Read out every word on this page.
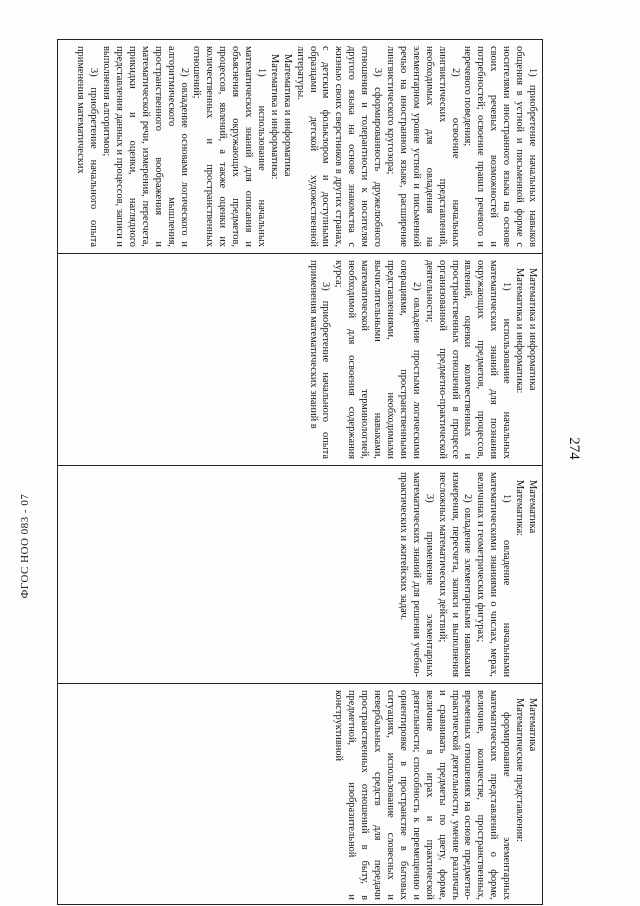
274

1) приобретение начальных навыков общения в устной и письменной форме с носителями иностранного языка на основе своих речевых возможностей и потребностей; освоение правил речевого и неречевого поведения;

2) освоение начальных лингвистических представлений, необходимых для овладения на элементарном уровне устной и письменной речью на иностранном языке, расширение лингвистического кругозора;

3) сформированность дружелюбного отношения и толерантности к носителям другого языка на основе знакомства с жизнью своих сверстников в других странах, с детским фольклором и доступными образцами детской художественной литературы.

Математика и информатика

Математика и информатика:

1) использование начальных математических знаний для описания и объяснения окружающих предметов, процессов, явлений, а также оценки их количественных и пространственных отношений;

2) овладение основами логического и алгоритмического мышления, пространственного воображения и математической речи, измерения, пересчета, прикидки и оценки, наглядного представления данных и процессов, записи и выполнения алгоритмов;

3) приобретение начального опыта применения математических

Математика и информатика

Математика и информатика:

1) использование начальных математических знаний для познания окружающих предметов, процессов, явлений, оценки количественных и пространственных отношений в процессе организованной предметно-практической деятельности;

2) овладение простыми логическими операциями, пространственными представлениями, необходимыми вычислительными навыками, математической терминологией, необходимой для освоения содержания курса;

3) приобретение начального опыта применения математических знаний в

Математика

Математика:

1) овладение начальными математическими знаниями о числах, мерах, величинах и геометрических фигурах;

2) овладение элементарными навыками измерения, пересчета, записи и выполнения несложных математических действий;

3) применение элементарных математических знаний для решения учебно-практических и житейских задач.

Математика

Математические представления:

формирование элементарных математических представлений о форме, величине, количестве, пространственных, временных отношениях на основе предметно-практической деятельности, умение различать и сравнивать предметы по цвету, форме, величине в играх и практической деятельности; способность к перемещению и ориентировке в пространстве в бытовых ситуациях, использование словесных и невербальных средств для передачи пространственных отношений в быту, в предметной, изобразительной и конструктивной

ФГОС НОО 083 - 07
